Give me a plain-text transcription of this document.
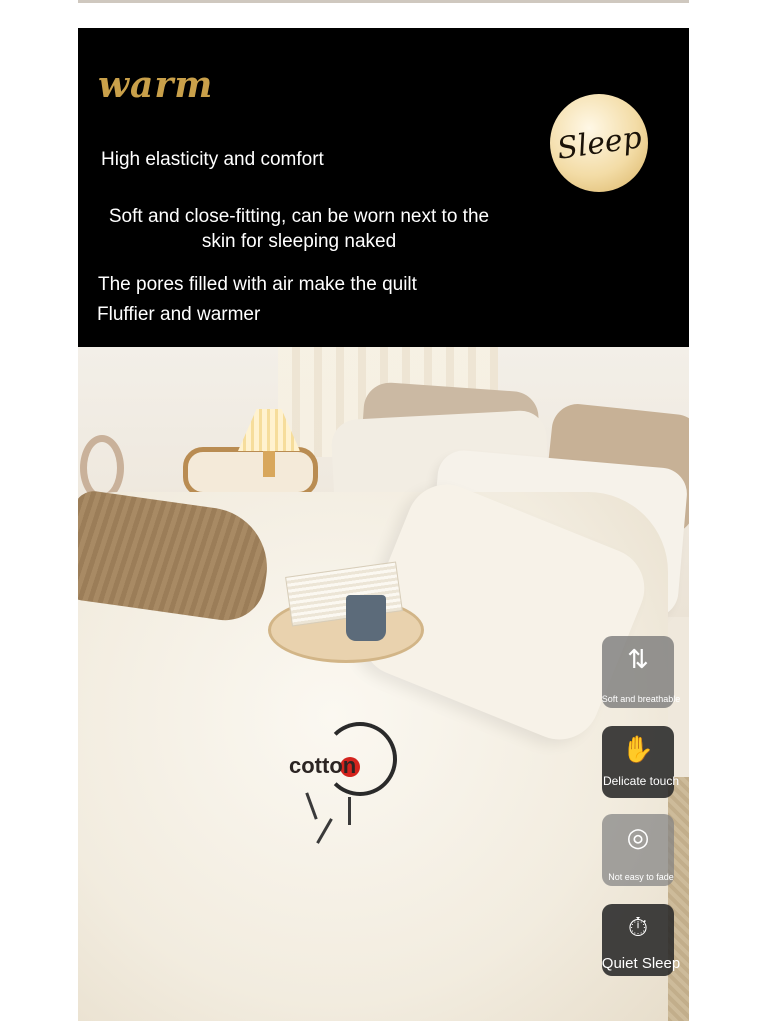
warm
Sleep
High elasticity and comfort
Soft and close-fitting, can be worn next to the skin for sleeping naked
The pores filled with air make the quilt
Fluffier and warmer
cotton
⇅
Soft and breathable
✋
Delicate touch
◎
Not easy to fade
⏱
Quiet Sleep
